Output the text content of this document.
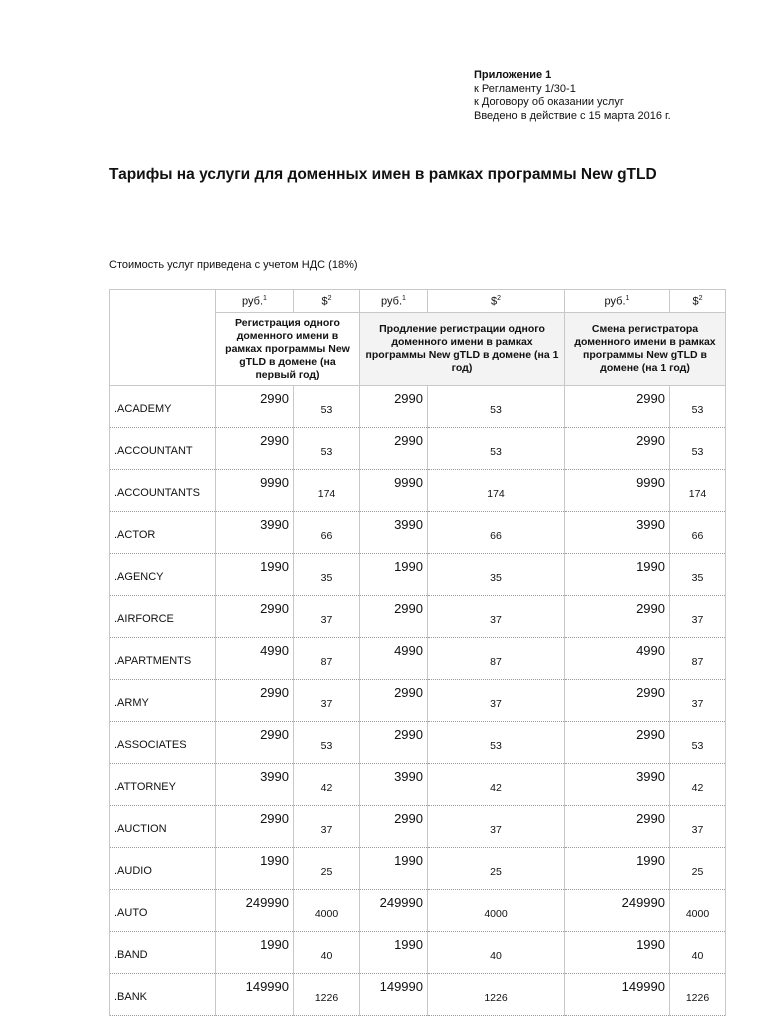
Приложение 1
к Регламенту 1/30-1
к Договору об оказании услуг
Введено в действие с 15 марта 2016 г.
Тарифы на услуги для доменных имен в рамках программы New gTLD
Стоимость услуг приведена с учетом НДС (18%)
	руб.$^1$	\$$^2$	руб.$^1$	\$$^2$	руб.$^1$	\$$^2$
	Регистрация одного доменного имени в рамках программы New gTLD в домене (на первый год)		Продление регистрации одного доменного имени в рамках программы New gTLD в домене (на 1 год)		Смена регистратора доменного имени в рамках программы New gTLD в домене (на 1 год)	
.ACADEMY	2990	53	2990	53	2990	53
.ACCOUNTANT	2990	53	2990	53	2990	53
.ACCOUNTANTS	9990	174	9990	174	9990	174
.ACTOR	3990	66	3990	66	3990	66
.AGENCY	1990	35	1990	35	1990	35
.AIRFORCE	2990	37	2990	37	2990	37
.APARTMENTS	4990	87	4990	87	4990	87
.ARMY	2990	37	2990	37	2990	37
.ASSOCIATES	2990	53	2990	53	2990	53
.ATTORNEY	3990	42	3990	42	3990	42
.AUCTION	2990	37	2990	37	2990	37
.AUDIO	1990	25	1990	25	1990	25
.AUTO	249990	4000	249990	4000	249990	4000
.BAND	1990	40	1990	40	1990	40
.BANK	149990	1226	149990	1226	149990	1226
